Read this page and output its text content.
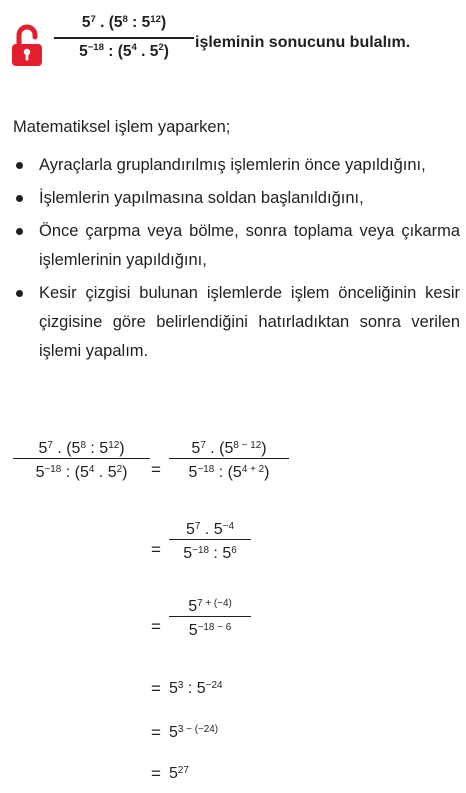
$5^7$ . ($5^8$ : $5^{12}$)
$5^{-18}$ : ($5^4$ . $5^2$)	işleminin sonucunu bulalım.
Matematiksel işlem yaparken;
Ayraçlarla gruplandırılmış işlemlerin önce yapıldığını,
İşlemlerin yapılmasına soldan başlanıldığını,
Önce çarpma veya bölme, sonra toplama veya çıkarma işlemlerinin yapıldığını,
Kesir çizgisi bulunan işlemlerde işlem önceliğinin kesir çizgisine göre belirlendiğini hatırladıktan sonra verilen işlemi yapalım.
$5^7$ . ($5^8$ : $5^{12}$)
$5^{-18}$ : ($5^4$ . $5^2$)	=
$5^7$ . $(5^{8 - 12})$
$5^{-18}$ : $(5^{4 + 2})$
=
$5^7$ . $5^{-4}$
$5^{-18}$ : $5^6$
=
$5^{7 + (-4)}$
$5^{-18 - 6}$
= $5^3$ : $5^{-24}$
= $5^{3 - (-24)}$
= $5^{27}$
